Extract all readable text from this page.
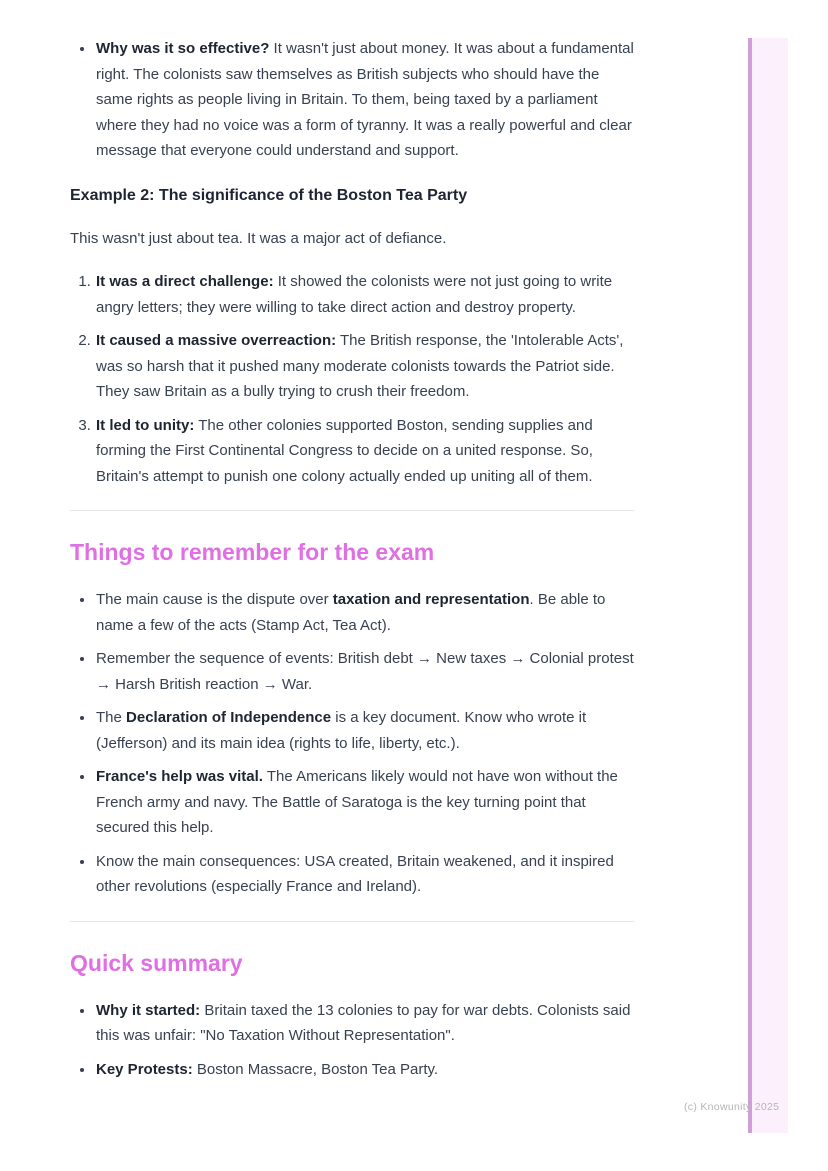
• Why was it so effective? It wasn't just about money. It was about a fundamental right. The colonists saw themselves as British subjects who should have the same rights as people living in Britain. To them, being taxed by a parliament where they had no voice was a form of tyranny. It was a really powerful and clear message that everyone could understand and support.
Example 2: The significance of the Boston Tea Party

This wasn't just about tea. It was a major act of defiance.

1. It was a direct challenge: It showed the colonists were not just going to write angry letters; they were willing to take direct action and destroy property.
2. It caused a massive overreaction: The British response, the 'Intolerable Acts', was so harsh that it pushed many moderate colonists towards the Patriot side. They saw Britain as a bully trying to crush their freedom.
3. It led to unity: The other colonies supported Boston, sending supplies and forming the First Continental Congress to decide on a united response. So, Britain's attempt to punish one colony actually ended up uniting all of them.
Things to remember for the exam
• The main cause is the dispute over taxation and representation. Be able to name a few of the acts (Stamp Act, Tea Act).
• Remember the sequence of events: British debt → New taxes → Colonial protest → Harsh British reaction → War.
• The Declaration of Independence is a key document. Know who wrote it (Jefferson) and its main idea (rights to life, liberty, etc.).
• France's help was vital. The Americans likely would not have won without the French army and navy. The Battle of Saratoga is the key turning point that secured this help.
• Know the main consequences: USA created, Britain weakened, and it inspired other revolutions (especially France and Ireland).
Quick summary
• Why it started: Britain taxed the 13 colonies to pay for war debts. Colonists said this was unfair: "No Taxation Without Representation".
• Key Protests: Boston Massacre, Boston Tea Party.
(c) Knowunity 2025
